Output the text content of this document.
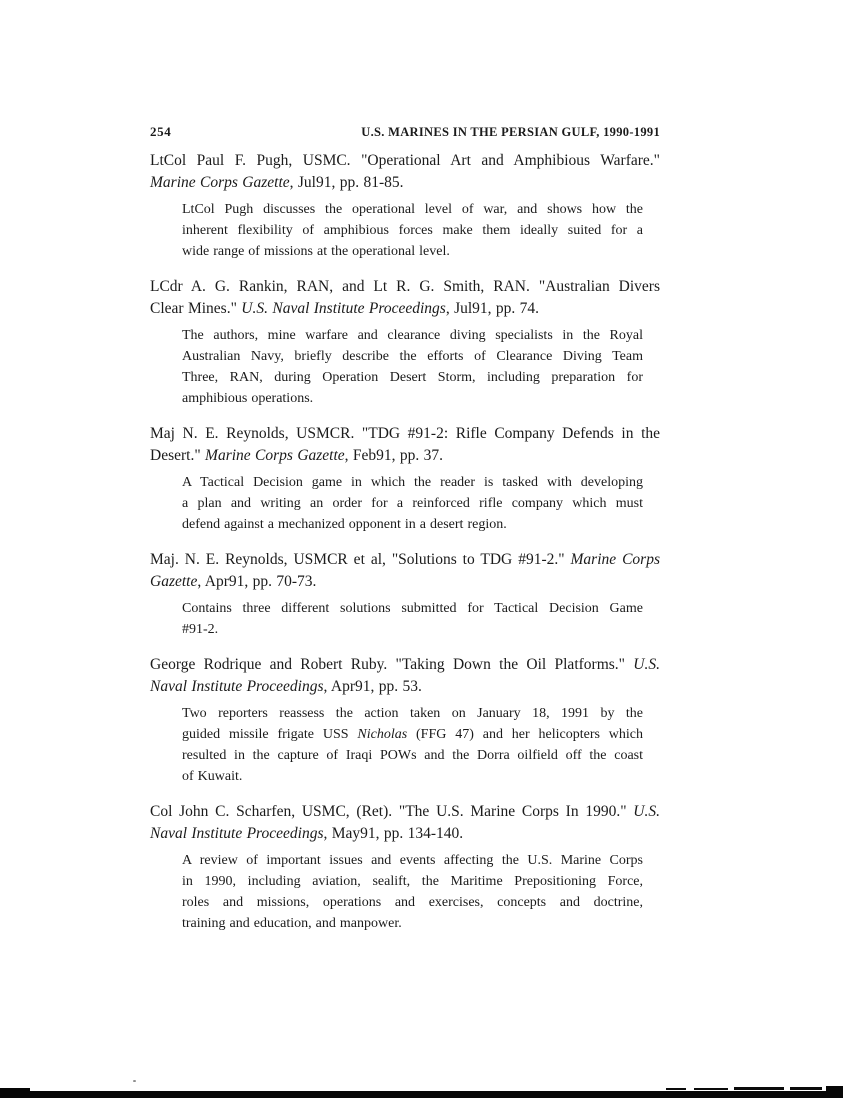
254	U.S. MARINES IN THE PERSIAN GULF, 1990-1991
LtCol Paul F. Pugh, USMC. "Operational Art and Amphibious Warfare."
Marine Corps Gazette, Jul91, pp. 81-85.
LtCol Pugh discusses the operational level of war, and shows how the
inherent flexibility of amphibious forces make them ideally suited for a
wide range of missions at the operational level.
LCdr A. G. Rankin, RAN, and Lt R. G. Smith, RAN. "Australian Divers
Clear Mines." U.S. Naval Institute Proceedings, Jul91, pp. 74.
The authors, mine warfare and clearance diving specialists in the Royal
Australian Navy, briefly describe the efforts of Clearance Diving Team
Three, RAN, during Operation Desert Storm, including preparation for
amphibious operations.
Maj N. E. Reynolds, USMCR. "TDG #91-2: Rifle Company Defends in the
Desert." Marine Corps Gazette, Feb91, pp. 37.
A Tactical Decision game in which the reader is tasked with developing
a plan and writing an order for a reinforced rifle company which must
defend against a mechanized opponent in a desert region.
Maj. N. E. Reynolds, USMCR et al, "Solutions to TDG #91-2." Marine Corps
Gazette, Apr91, pp. 70-73.
Contains three different solutions submitted for Tactical Decision Game
#91-2.
George Rodrique and Robert Ruby. "Taking Down the Oil Platforms." U.S.
Naval Institute Proceedings, Apr91, pp. 53.
Two reporters reassess the action taken on January 18, 1991 by the
guided missile frigate USS Nicholas (FFG 47) and her helicopters which
resulted in the capture of Iraqi POWs and the Dorra oilfield off the coast
of Kuwait.
Col John C. Scharfen, USMC, (Ret). "The U.S. Marine Corps In 1990." U.S.
Naval Institute Proceedings, May91, pp. 134-140.
A review of important issues and events affecting the U.S. Marine Corps
in 1990, including aviation, sealift, the Maritime Prepositioning Force,
roles and missions, operations and exercises, concepts and doctrine,
training and education, and manpower.
